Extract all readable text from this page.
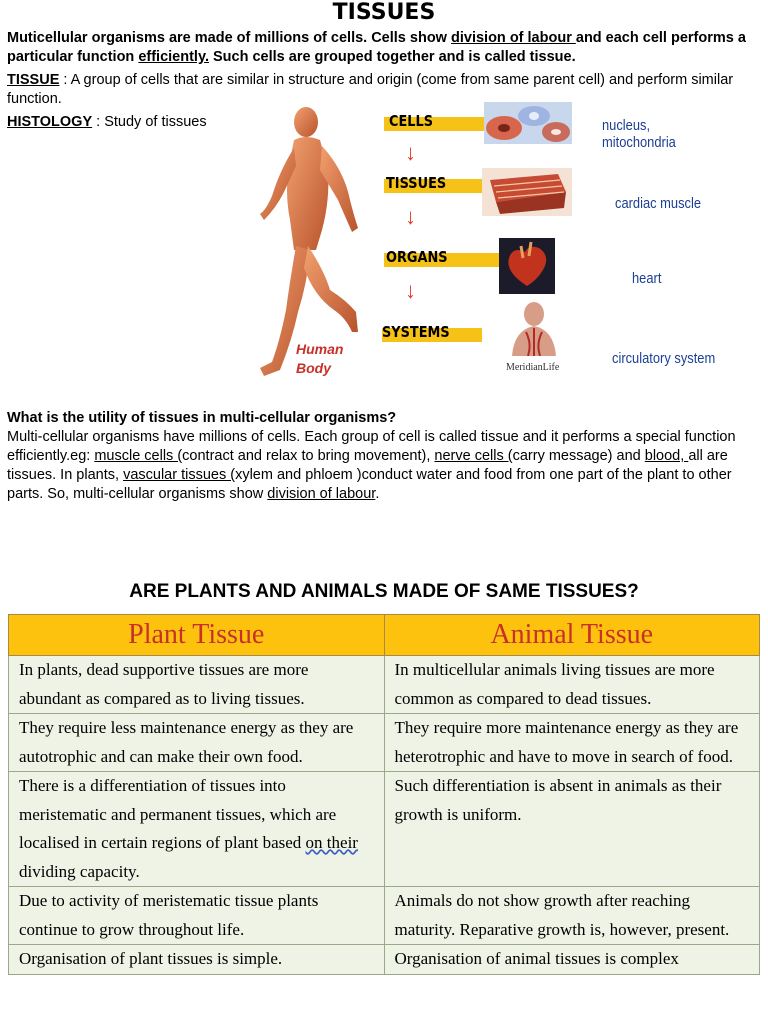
TISSUES
Muticellular organisms are made of millions of cells. Cells show division of labour and each cell performs a particular function efficiently. Such cells are grouped together and is called tissue.
TISSUE : A group of cells that are similar in structure and origin (come from same parent cell) and perform similar function.
HISTOLOGY : Study of tissues
Human
Body
CELLS	nucleus, mitochondria
↓
TISSUES
cardiac muscle
↓
ORGANS
heart
↓
SYSTEMS
MeridianLife
circulatory system
What is the utility of tissues in multi-cellular organisms?
Multi-cellular organisms have millions of cells. Each group of cell is called tissue and it performs a special function efficiently.eg: muscle cells (contract and relax to bring movement), nerve cells (carry message) and blood, all are tissues. In plants, vascular tissues (xylem and phloem )conduct water and food from one part of the plant to other parts. So, multi-cellular organisms show division of labour.
ARE PLANTS AND ANIMALS MADE OF SAME TISSUES?
Plant Tissue	Animal Tissue
In plants, dead supportive tissues are more abundant as compared as to living tissues.	In multicellular animals living tissues are more common as compared to dead tissues.
They require less maintenance energy as they are autotrophic and can make their own food.	They require more maintenance energy as they are heterotrophic and have to move in search of food.
There is a differentiation of tissues into meristematic and permanent tissues, which are localised in certain regions of plant based on their dividing capacity.	Such differentiation is absent in animals as their growth is uniform.
Due to activity of meristematic tissue plants continue to grow throughout life.	Animals do not show growth after reaching maturity. Reparative growth is, however, present.
Organisation of plant tissues is simple.	Organisation of animal tissues is complex
